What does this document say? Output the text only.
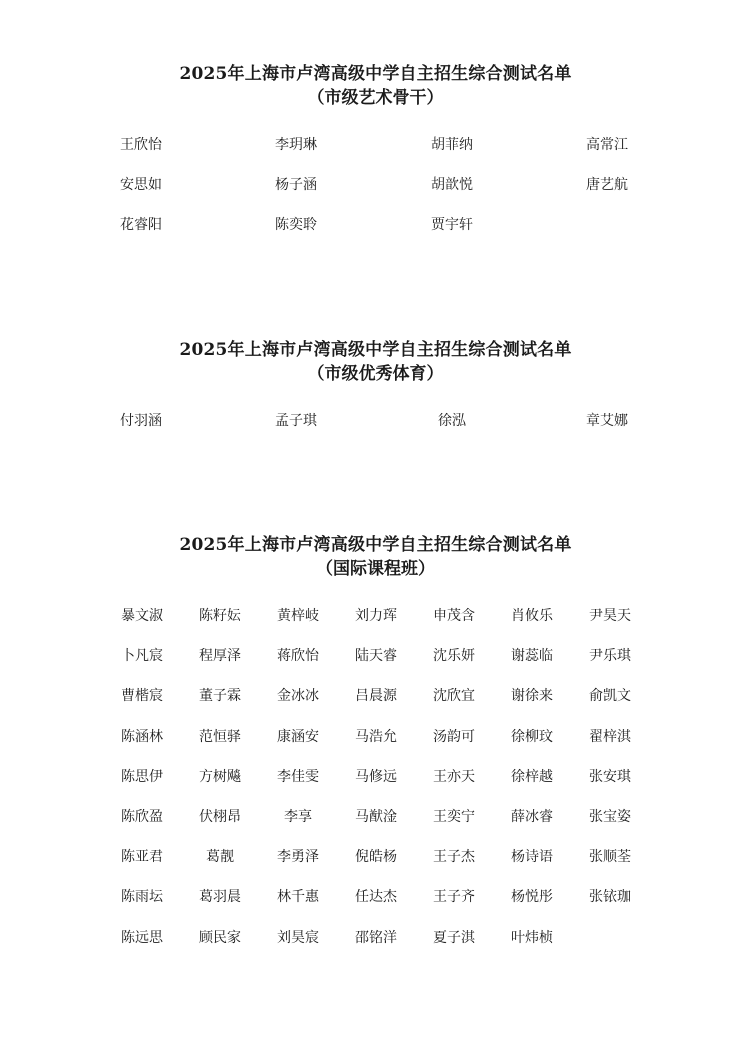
2025年上海市卢湾高级中学自主招生综合测试名单
（市级艺术骨干）
王欣怡	李玥琳	胡菲纳	高常江
安思如	杨子涵	胡歆悦	唐艺航
花睿阳	陈奕聆	贾宇轩
2025年上海市卢湾高级中学自主招生综合测试名单
（市级优秀体育）
付羽涵	孟子琪	徐泓	章艾娜
2025年上海市卢湾高级中学自主招生综合测试名单
（国际课程班）
暴文淑	陈籽妘	黄梓岐	刘力珲	申茂含	肖攸乐	尹昊天
卜凡宸	程厚泽	蒋欣怡	陆天睿	沈乐妍	谢蕊临	尹乐琪
曹楷宸	董子霖	金冰冰	吕晨源	沈欣宜	谢徐来	俞凯文
陈涵林	范恒驿	康涵安	马浩允	汤韵可	徐柳玟	翟梓淇
陈思伊	方树飚	李佳雯	马修远	王亦天	徐梓越	张安琪
陈欣盈	伏栩昂	李享	马猷淦	王奕宁	薛冰睿	张宝姿
陈亚君	葛靓	李勇泽	倪皓杨	王子杰	杨诗语	张顺荃
陈雨坛	葛羽晨	林千惠	任达杰	王子齐	杨悦彤	张铱珈
陈远思	顾民家	刘昊宸	邵铭洋	夏子淇	叶炜桢
